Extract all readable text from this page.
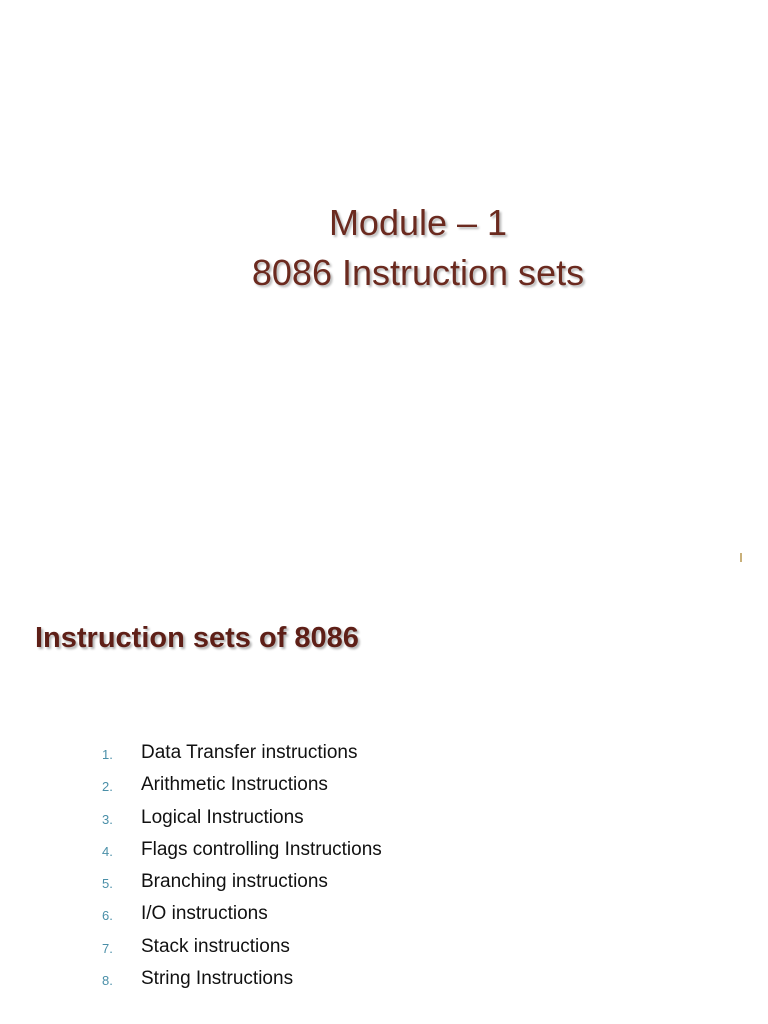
Module – 1
8086 Instruction sets
Instruction sets of 8086
1. Data Transfer instructions
2. Arithmetic Instructions
3. Logical Instructions
4. Flags controlling Instructions
5. Branching instructions
6. I/O instructions
7. Stack instructions
8. String Instructions
